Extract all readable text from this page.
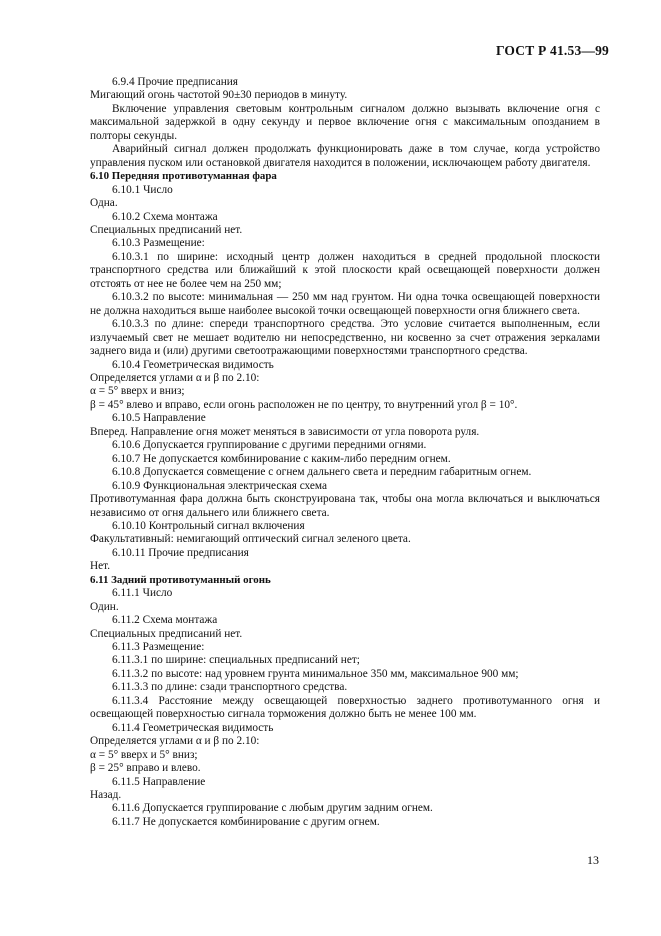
ГОСТ Р 41.53—99

6.9.4 Прочие предписания

Мигающий огонь частотой 90±30 периодов в минуту.

Включение управления световым контрольным сигналом должно вызывать включение огня с максимальной задержкой в одну секунду и первое включение огня с максимальным опозданием в полторы секунды.

Аварийный сигнал должен продолжать функционировать даже в том случае, когда устройство управления пуском или остановкой двигателя находится в положении, исключающем работу двигателя.

6.10 Передняя противотуманная фара

6.10.1 Число

Одна.

6.10.2 Схема монтажа

Специальных предписаний нет.

6.10.3 Размещение:

6.10.3.1 по ширине: исходный центр должен находиться в средней продольной плоскости транспортного средства или ближайший к этой плоскости край освещающей поверхности должен отстоять от нее не более чем на 250 мм;

6.10.3.2 по высоте: минимальная — 250 мм над грунтом. Ни одна точка освещающей поверхности не должна находиться выше наиболее высокой точки освещающей поверхности огня ближнего света.

6.10.3.3 по длине: спереди транспортного средства. Это условие считается выполненным, если излучаемый свет не мешает водителю ни непосредственно, ни косвенно за счет отражения зеркалами заднего вида и (или) другими светоотражающими поверхностями транспортного средства.

6.10.4 Геометрическая видимость

Определяется углами α и β по 2.10:

α = 5° вверх и вниз;

β = 45° влево и вправо, если огонь расположен не по центру, то внутренний угол β = 10°.

6.10.5 Направление

Вперед. Направление огня может меняться в зависимости от угла поворота руля.

6.10.6 Допускается группирование с другими передними огнями.

6.10.7 Не допускается комбинирование с каким-либо передним огнем.

6.10.8 Допускается совмещение с огнем дальнего света и передним габаритным огнем.

6.10.9 Функциональная электрическая схема

Противотуманная фара должна быть сконструирована так, чтобы она могла включаться и выключаться независимо от огня дальнего или ближнего света.

6.10.10 Контрольный сигнал включения

Факультативный: немигающий оптический сигнал зеленого цвета.

6.10.11 Прочие предписания

Нет.

6.11 Задний противотуманный огонь

6.11.1 Число

Один.

6.11.2 Схема монтажа

Специальных предписаний нет.

6.11.3 Размещение:

6.11.3.1 по ширине: специальных предписаний нет;

6.11.3.2 по высоте: над уровнем грунта минимальное 350 мм, максимальное 900 мм;

6.11.3.3 по длине: сзади транспортного средства.

6.11.3.4 Расстояние между освещающей поверхностью заднего противотуманного огня и освещающей поверхностью сигнала торможения должно быть не менее 100 мм.

6.11.4 Геометрическая видимость

Определяется углами α и β по 2.10:

α = 5° вверх и 5° вниз;

β = 25° вправо и влево.

6.11.5 Направление

Назад.

6.11.6 Допускается группирование с любым другим задним огнем.

6.11.7 Не допускается комбинирование с другим огнем.

13
